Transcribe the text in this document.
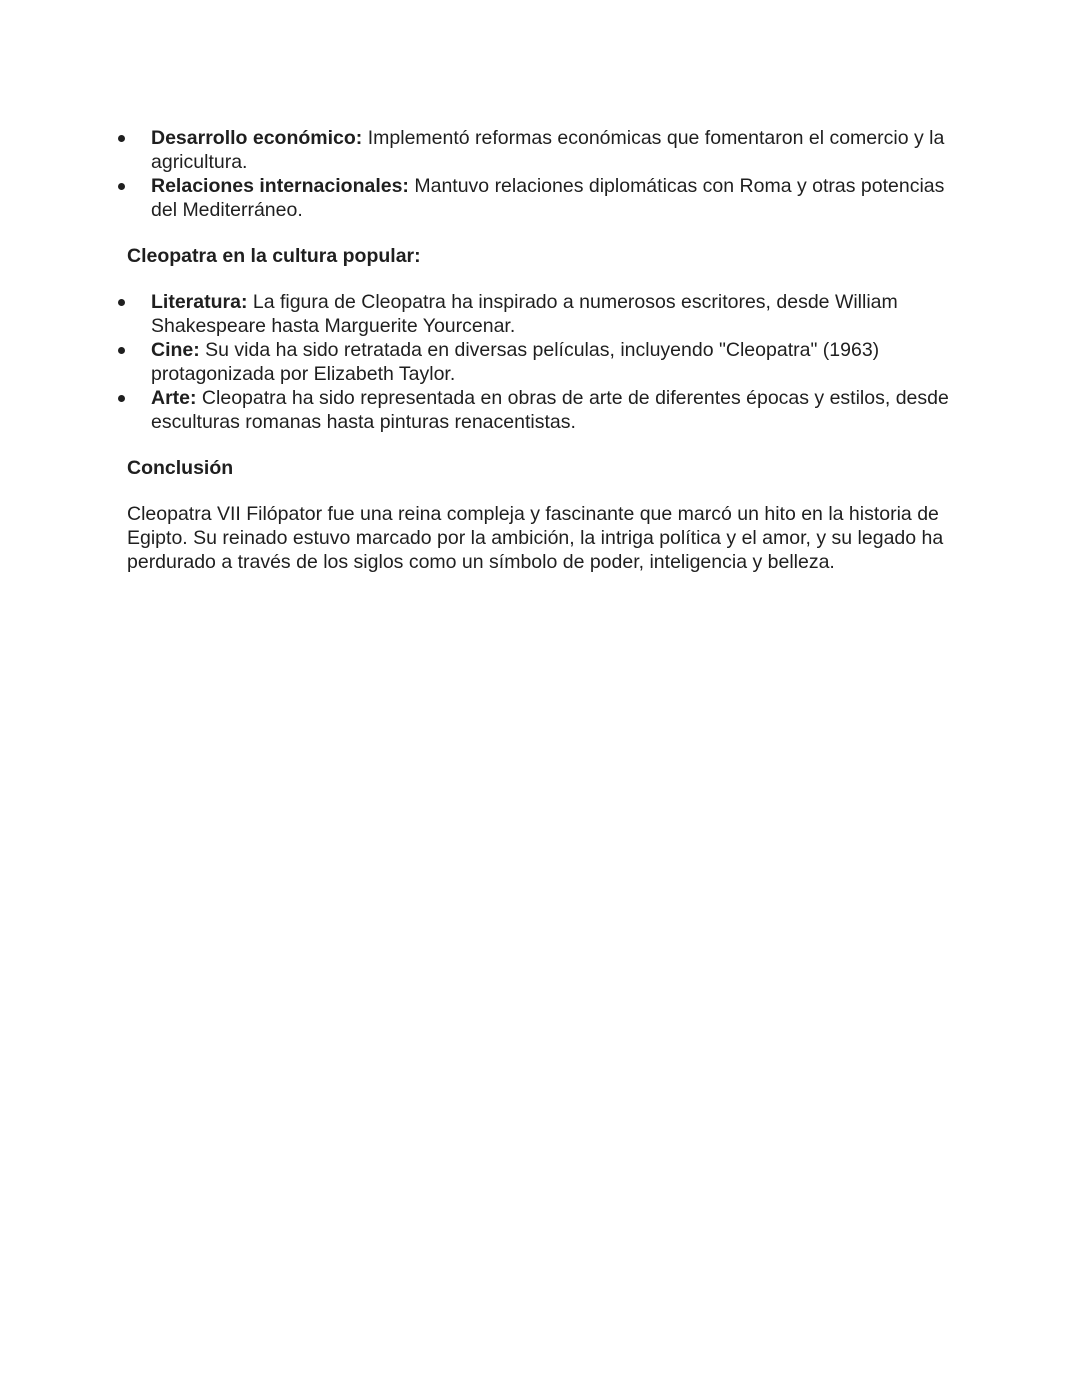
Desarrollo económico: Implementó reformas económicas que fomentaron el comercio y la agricultura.
Relaciones internacionales: Mantuvo relaciones diplomáticas con Roma y otras potencias del Mediterráneo.

Cleopatra en la cultura popular:

Literatura: La figura de Cleopatra ha inspirado a numerosos escritores, desde William Shakespeare hasta Marguerite Yourcenar.
Cine: Su vida ha sido retratada en diversas películas, incluyendo "Cleopatra" (1963) protagonizada por Elizabeth Taylor.
Arte: Cleopatra ha sido representada en obras de arte de diferentes épocas y estilos, desde esculturas romanas hasta pinturas renacentistas.

Conclusión

Cleopatra VII Filópator fue una reina compleja y fascinante que marcó un hito en la historia de Egipto. Su reinado estuvo marcado por la ambición, la intriga política y el amor, y su legado ha perdurado a través de los siglos como un símbolo de poder, inteligencia y belleza.
